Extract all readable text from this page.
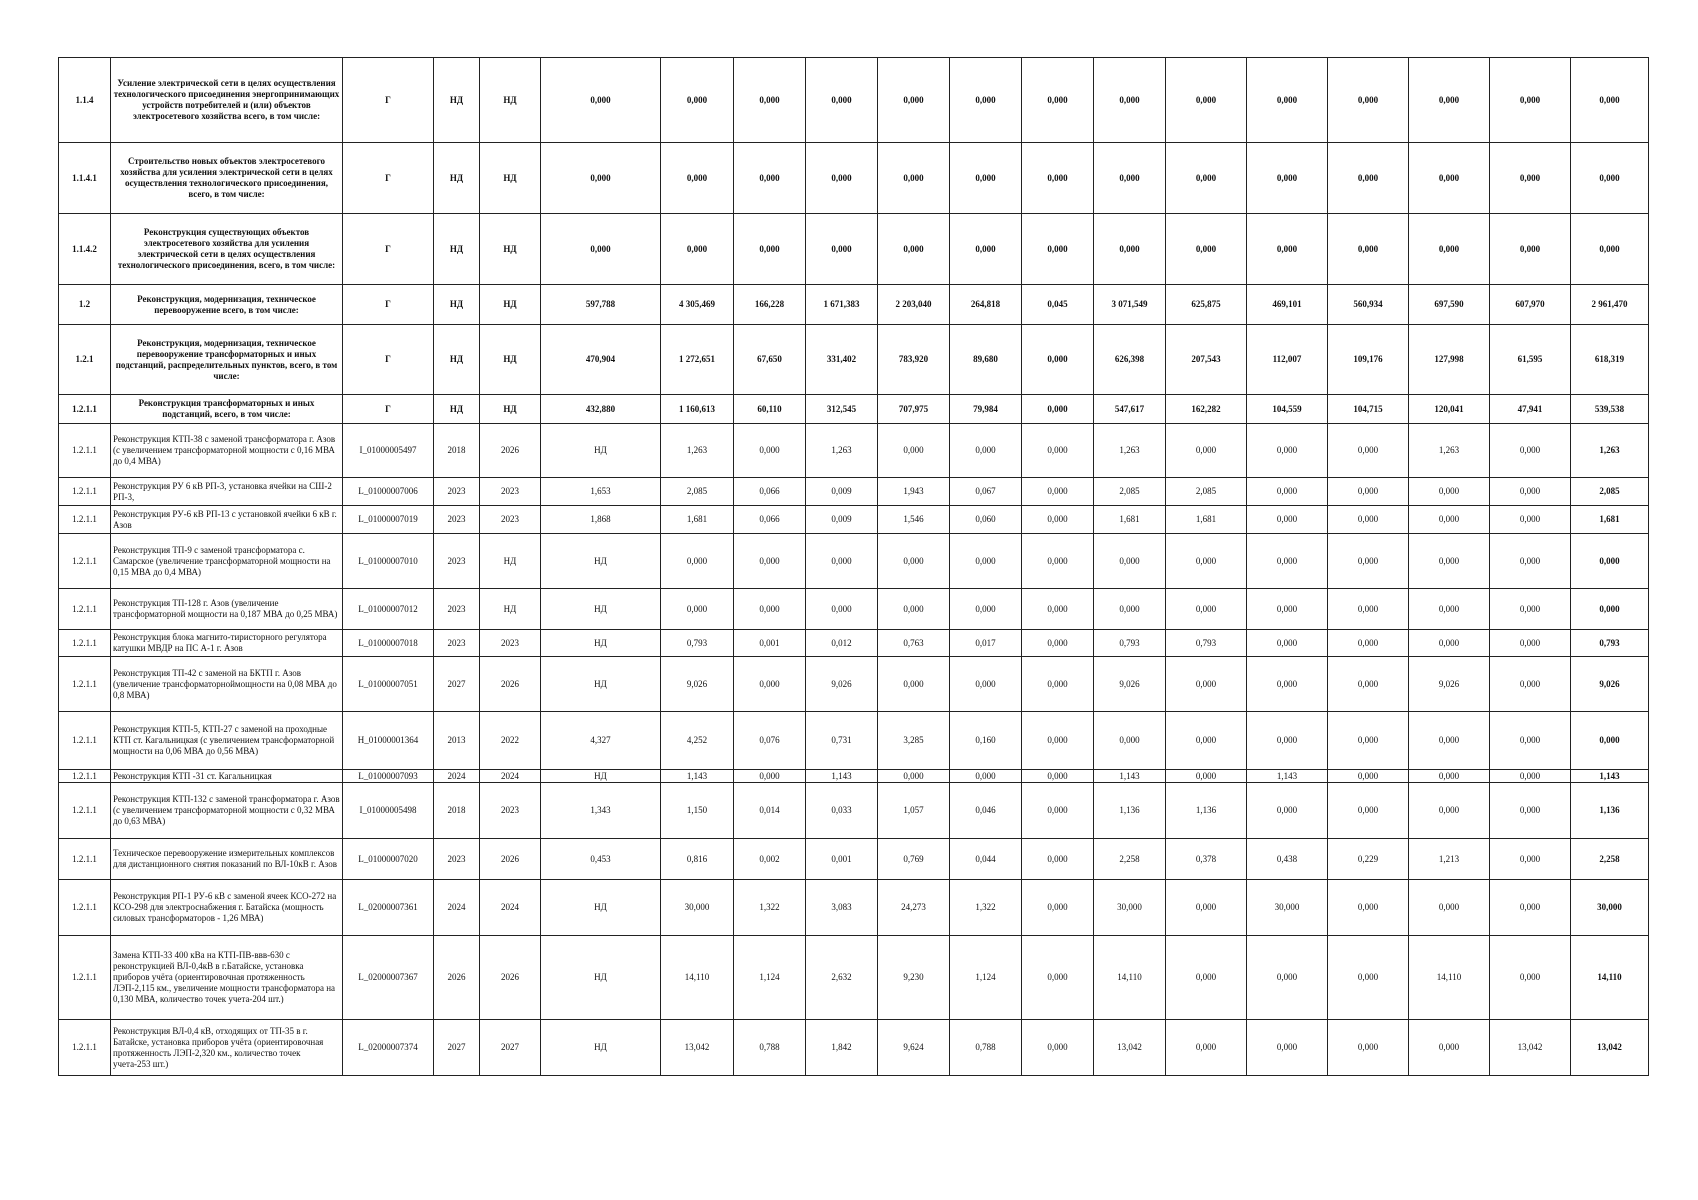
1.1.4	Усиление электрической сети в целях осуществления технологического присоединения энергопринимающих устройств потребителей и (или) объектов электросетевого хозяйства всего, в том числе:	Г	НД	НД	0,000	0,000	0,000	0,000	0,000	0,000	0,000	0,000	0,000	0,000	0,000	0,000	0,000	0,000
1.1.4.1	Строительство новых объектов электросетевого хозяйства для усиления электрической сети в целях осуществления технологического присоединения, всего, в том числе:	Г	НД	НД	0,000	0,000	0,000	0,000	0,000	0,000	0,000	0,000	0,000	0,000	0,000	0,000	0,000	0,000
1.1.4.2	Реконструкция существующих объектов электросетевого хозяйства для усиления электрической сети в целях осуществления технологического присоединения, всего, в том числе:	Г	НД	НД	0,000	0,000	0,000	0,000	0,000	0,000	0,000	0,000	0,000	0,000	0,000	0,000	0,000	0,000
1.2	Реконструкция, модернизация, техническое перевооружение всего, в том числе:	Г	НД	НД	597,788	4 305,469	166,228	1 671,383	2 203,040	264,818	0,045	3 071,549	625,875	469,101	560,934	697,590	607,970	2 961,470
1.2.1	Реконструкция, модернизация, техническое перевооружение трансформаторных и иных подстанций, распределительных пунктов, всего, в том числе:	Г	НД	НД	470,904	1 272,651	67,650	331,402	783,920	89,680	0,000	626,398	207,543	112,007	109,176	127,998	61,595	618,319
1.2.1.1	Реконструкция трансформаторных и иных подстанций, всего, в том числе:	Г	НД	НД	432,880	1 160,613	60,110	312,545	707,975	79,984	0,000	547,617	162,282	104,559	104,715	120,041	47,941	539,538
1.2.1.1	Реконструкция КТП-38 с заменой трансформатора г. Азов (с увеличением трансформаторной мощности с 0,16 МВА до 0,4 МВА)	I_01000005497	2018	2026	НД	1,263	0,000	1,263	0,000	0,000	0,000	1,263	0,000	0,000	0,000	1,263	0,000	1,263
1.2.1.1	Реконструкция РУ 6 кВ РП-3, установка ячейки на СШ-2 РП-3,	L_01000007006	2023	2023	1,653	2,085	0,066	0,009	1,943	0,067	0,000	2,085	2,085	0,000	0,000	0,000	0,000	2,085
1.2.1.1	Реконструкция РУ-6 кВ РП-13 с установкой ячейки 6 кВ г. Азов	L_01000007019	2023	2023	1,868	1,681	0,066	0,009	1,546	0,060	0,000	1,681	1,681	0,000	0,000	0,000	0,000	1,681
1.2.1.1	Реконструкция ТП-9 с заменой трансформатора с. Самарское (увеличение трансформаторной мощности на 0,15 МВА до 0,4 МВА)	L_01000007010	2023	НД	НД	0,000	0,000	0,000	0,000	0,000	0,000	0,000	0,000	0,000	0,000	0,000	0,000	0,000
1.2.1.1	Реконструкция ТП-128 г. Азов (увеличение трансформаторной мощности на 0,187 МВА до 0,25 МВА)	L_01000007012	2023	НД	НД	0,000	0,000	0,000	0,000	0,000	0,000	0,000	0,000	0,000	0,000	0,000	0,000	0,000
1.2.1.1	Реконструкция блока магнито-тиристорного регулятора катушки МВДР на ПС А-1 г. Азов	L_01000007018	2023	2023	НД	0,793	0,001	0,012	0,763	0,017	0,000	0,793	0,793	0,000	0,000	0,000	0,000	0,793
1.2.1.1	Реконструкция ТП-42 с заменой на БКТП г. Азов (увеличение трансформаторноймощности на 0,08 МВА до 0,8 МВА)	L_01000007051	2027	2026	НД	9,026	0,000	9,026	0,000	0,000	0,000	9,026	0,000	0,000	0,000	9,026	0,000	9,026
1.2.1.1	Реконструкция КТП-5, КТП-27 с заменой на проходные КТП ст. Кагальницкая (с увеличением трансформаторной мощности на 0,06 МВА до 0,56 МВА)	H_01000001364	2013	2022	4,327	4,252	0,076	0,731	3,285	0,160	0,000	0,000	0,000	0,000	0,000	0,000	0,000	0,000
1.2.1.1	Реконструкция КТП -31 ст. Кагальницкая	L_01000007093	2024	2024	НД	1,143	0,000	1,143	0,000	0,000	0,000	1,143	0,000	1,143	0,000	0,000	0,000	1,143
1.2.1.1	Реконструкция КТП-132 с заменой трансформатора г. Азов (с увеличением трансформаторной мощности с 0,32 МВА до 0,63 МВА)	I_01000005498	2018	2023	1,343	1,150	0,014	0,033	1,057	0,046	0,000	1,136	1,136	0,000	0,000	0,000	0,000	1,136
1.2.1.1	Техническое перевооружение измерительных комплексов для дистанционного снятия показаний по ВЛ-10кВ г. Азов	L_01000007020	2023	2026	0,453	0,816	0,002	0,001	0,769	0,044	0,000	2,258	0,378	0,438	0,229	1,213	0,000	2,258
1.2.1.1	Реконструкция РП-1 РУ-6 кВ с заменой ячеек КСО-272 на КСО-298 для электроснабжения г. Батайска (мощность силовых трансформаторов - 1,26 МВА)	L_02000007361	2024	2024	НД	30,000	1,322	3,083	24,273	1,322	0,000	30,000	0,000	30,000	0,000	0,000	0,000	30,000
1.2.1.1	Замена КТП-33 400 кВа на КТП-ПВ-ввв-630 с реконструкцией ВЛ-0,4кВ в г.Батайске, установка приборов учёта (ориентировочная протяженность ЛЭП-2,115 км., увеличение мощности трансформатора на 0,130 МВА, количество точек учета-204 шт.)	L_02000007367	2026	2026	НД	14,110	1,124	2,632	9,230	1,124	0,000	14,110	0,000	0,000	0,000	14,110	0,000	14,110
1.2.1.1	Реконструкция ВЛ-0,4 кВ, отходящих от ТП-35 в г. Батайске, установка приборов учёта (ориентировочная протяженность ЛЭП-2,320 км., количество точек учета-253 шт.)	L_02000007374	2027	2027	НД	13,042	0,788	1,842	9,624	0,788	0,000	13,042	0,000	0,000	0,000	0,000	13,042	13,042
